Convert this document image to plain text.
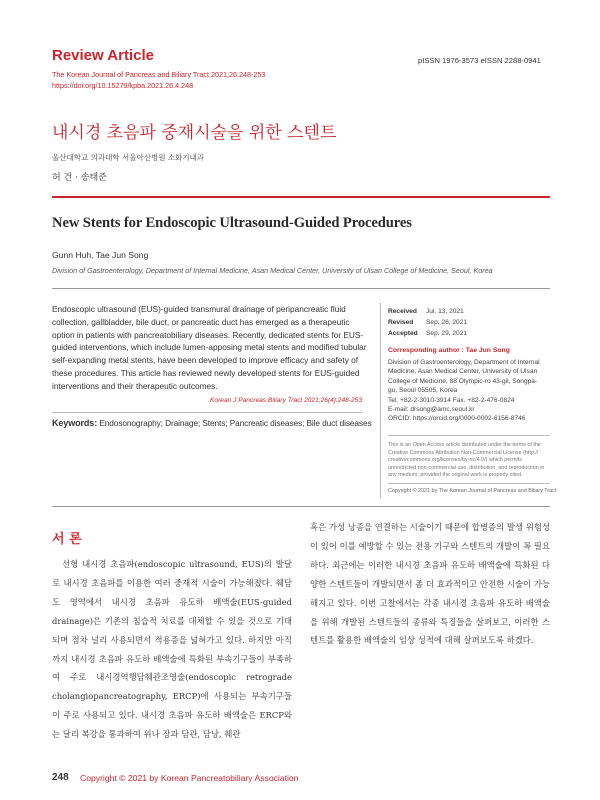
Review Article
The Korean Journal of Pancreas and Biliary Tract 2021;26:248-253
https://doi.org/10.15279/kpba.2021.26.4.248
pISSN 1976-3573 eISSN 2288-0941
내시경 초음파 중재시술을 위한 스텐트
울산대학교 의과대학 서울아산병원 소화기내과
허 건 · 송태준
New Stents for Endoscopic Ultrasound-Guided Procedures
Gunn Huh, Tae Jun Song
Division of Gastroenterology, Department of Internal Medicine, Asan Medical Center, University of Ulsan College of Medicine, Seoul, Korea
Endoscopic ultrasound (EUS)-guided transmural drainage of peripancreatic fluid collection, gallbladder, bile duct, or pancreatic duct has emerged as a therapeutic option in patients with pancreatobiliary diseases. Recently, dedicated stents for EUS-guided interventions, which include lumen-apposing metal stents and modified tubular self-expanding metal stents, have been developed to improve efficacy and safety of these procedures. This article has reviewed newly developed stents for EUS-guided interventions and their therapeutic outcomes.
Korean J Pancreas Biliary Tract 2021;26(4):248-253
Keywords: Endosonography; Drainage; Stents; Pancreatic diseases; Bile duct diseases
Received Jul. 13, 2021
Revised Sep. 26, 2021
Accepted Sep. 29, 2021
Corresponding author : Tae Jun Song
Division of Gastroenterology, Department of Internal
Medicine, Asan Medical Center, University of Ulsan
College of Medicine, 88 Olympic-ro 43-gil, Songpa-
gu, Seoul 05505, Korea
Tel. +82-2-3010-3914 Fax. +82-2-476-0824
E-mail: drsong@amc.seoul.kr
ORCID: https://orcid.org/0000-0002-6156-8746
This is an Open Access article distributed under the terms of the
Creative Commons Attribution Non-Commercial License (http://
creativecommons.org/licenses/by-nc/4.0/) which permits
unrestricted non-commercial use, distribution, and reproduction in
any medium, provided the original work is properly cited.
Copyright © 2021 by The Korean Journal of Pancreas and Biliary Tract
서 론
선형 내시경 초음파(endoscopic ultrasound, EUS)의 발달로 내시경 초음파를 이용한 여러 중재적 시술이 가능해졌다. 췌담도 영역에서 내시경 초음파 유도하 배액술(EUS-guided drainage)은 기존의 침습적 치료를 대체할 수 있을 것으로 기대되며 점차 널리 사용되면서 적용증을 넓혀가고 있다. 하지만 아직까지 내시경 초음파 유도하 배액술에 특화된 부속기구들이 부족하여 주로 내시경역행담췌관조영술(endoscopic retrograde cholangiopancreatography, ERCP)에 사용되는 부속기구들이 주로 사용되고 있다. 내시경 초음파 유도하 배액술은 ERCP와는 달리 복강을 통과하여 위나 장과 담관, 담낭, 췌관
혹은 가성 낭종을 연결하는 시술이기 때문에 합병증의 발생 위험성이 있어 이를 예방할 수 있는 전용 기구와 스텐트의 개발이 꼭 필요하다. 최근에는 이러한 내시경 초음파 유도하 배액술에 특화된 다양한 스텐트들이 개발되면서 좀 더 효과적이고 안전한 시술이 가능해지고 있다. 이번 고찰에서는 각종 내시경 초음파 유도하 배액술을 위해 개발된 스텐트들의 종류와 특징들을 살펴보고, 이러한 스텐트를 활용한 배액술의 임상 성적에 대해 살펴보도록 하겠다.
248 Copyright © 2021 by Korean Pancreatobiliary Association
